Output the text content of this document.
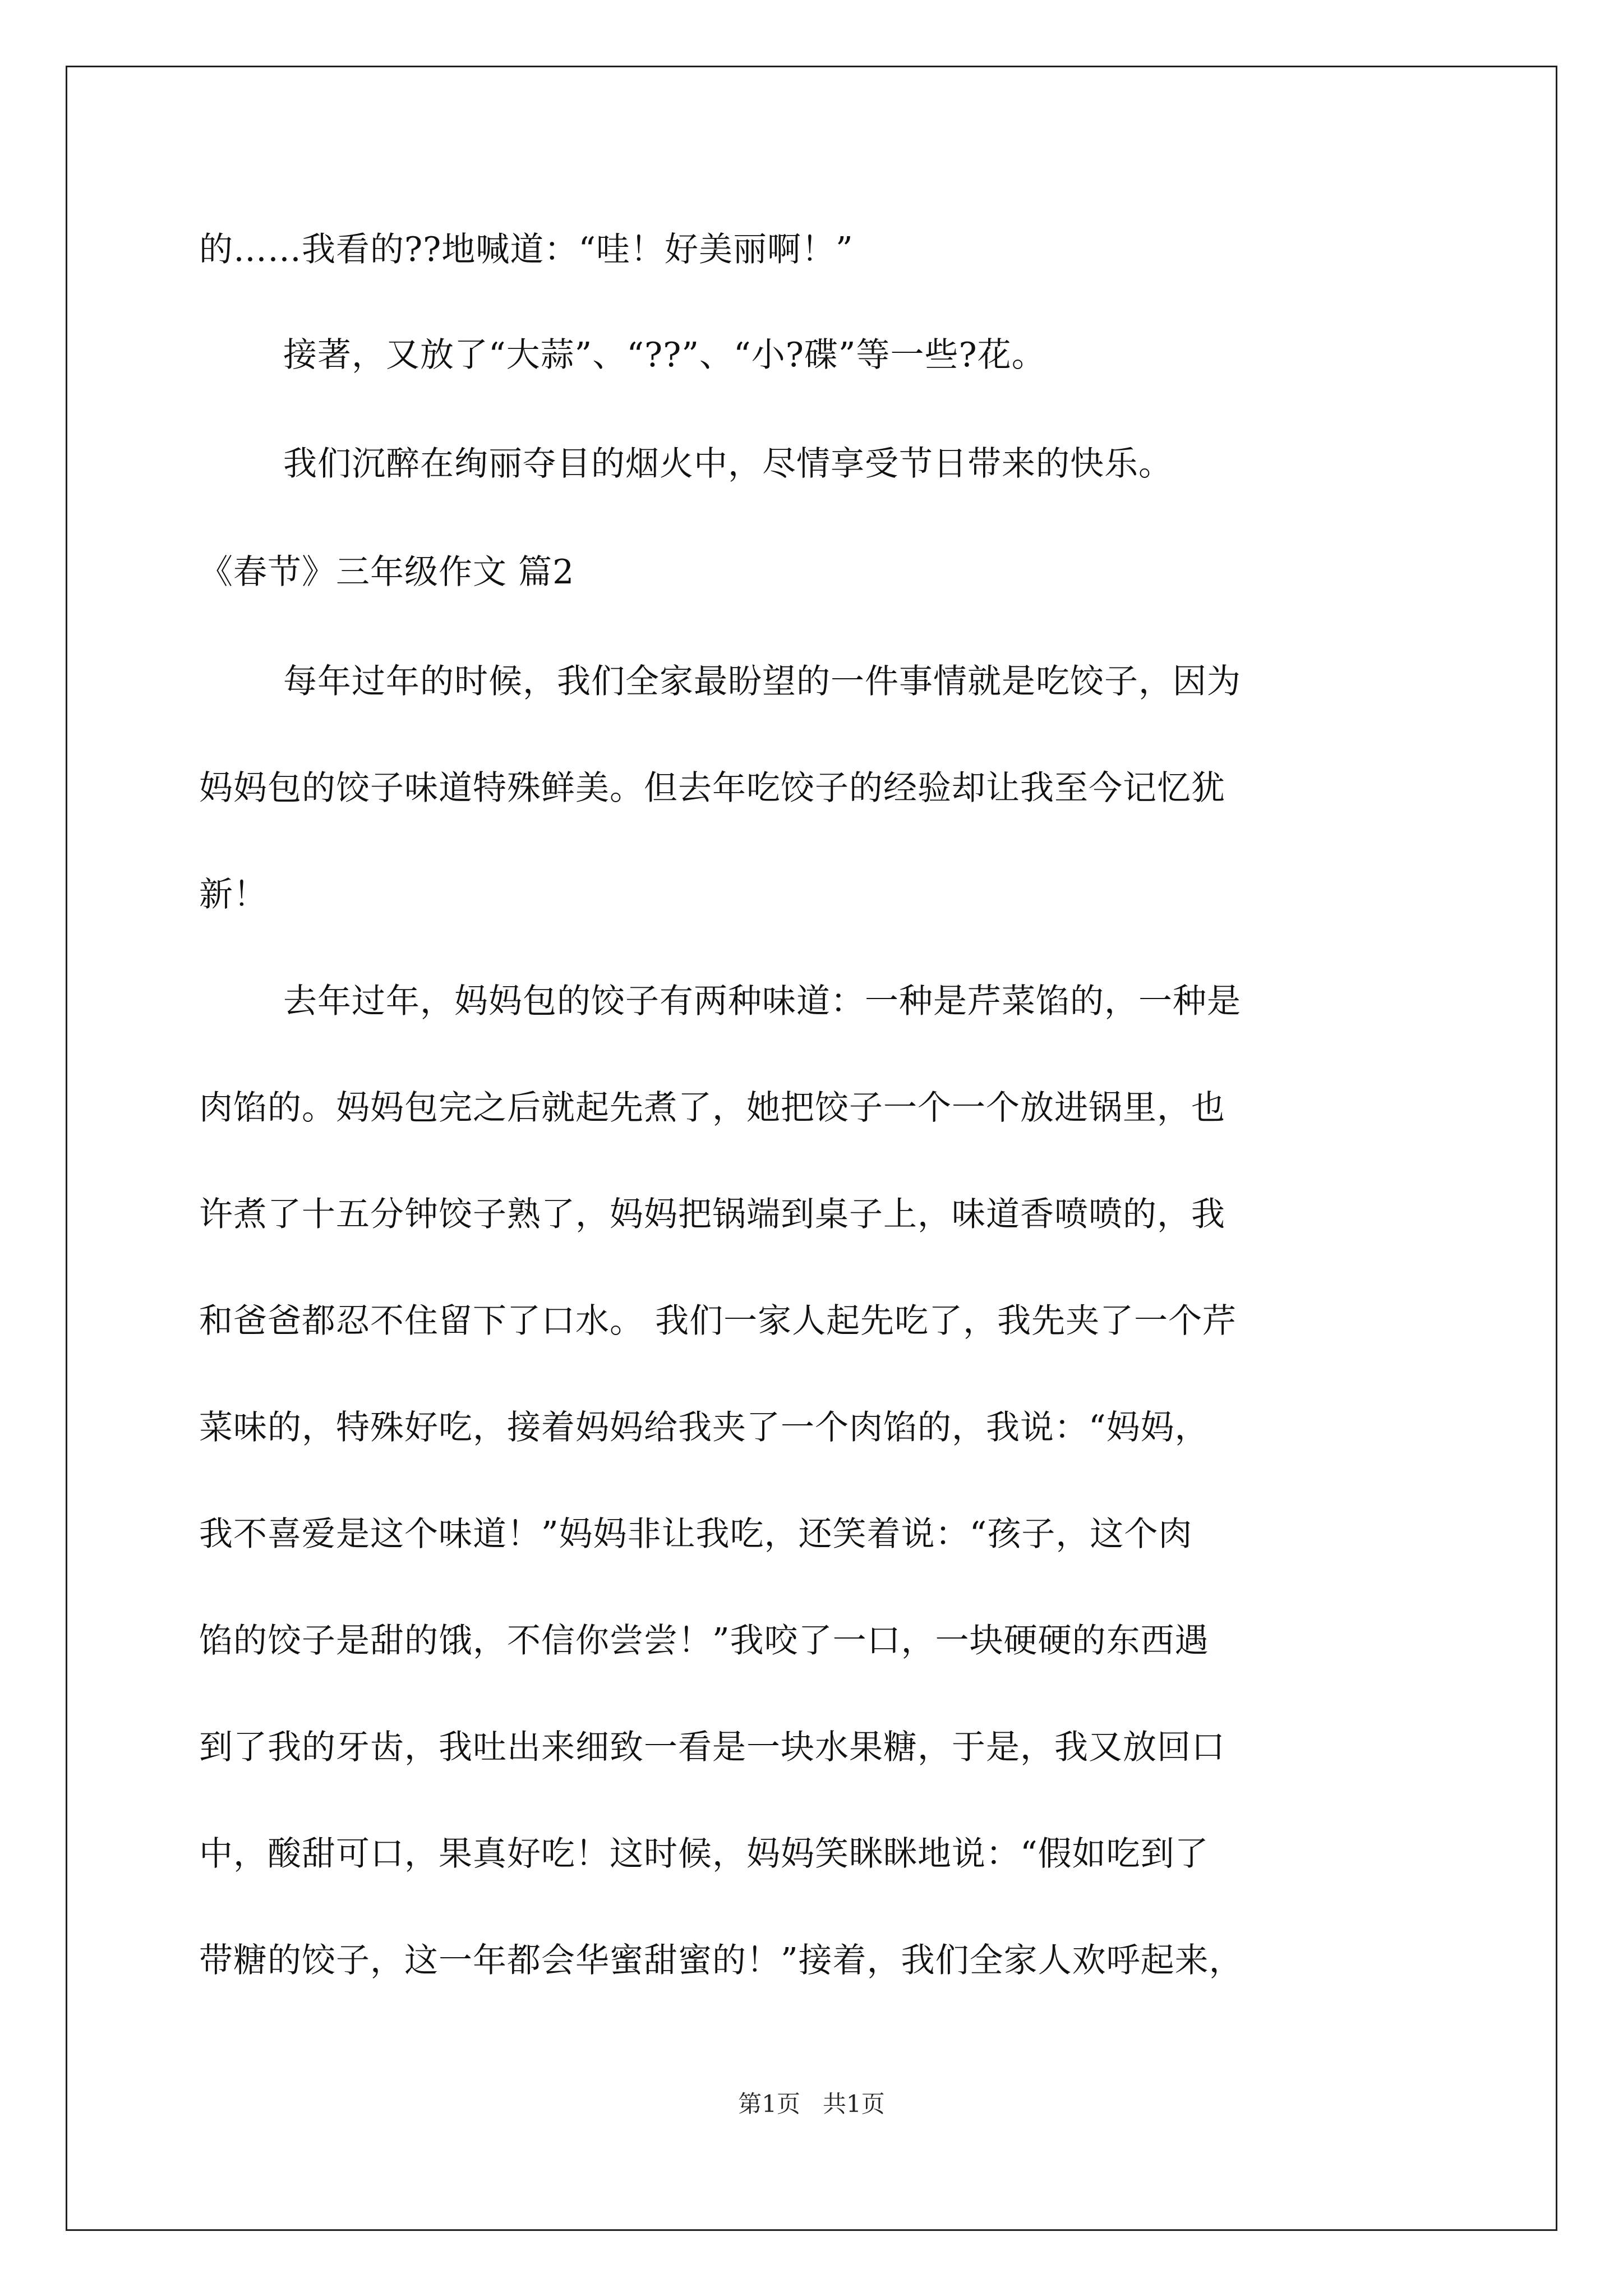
的……我看的??地喊道：“哇！好美丽啊！”
接著，又放了“大蒜”、“??”、“小?碟”等一些?花。
我们沉醉在绚丽夺目的烟火中，尽情享受节日带来的快乐。
《春节》三年级作文 篇2
每年过年的时候，我们全家最盼望的一件事情就是吃饺子，因为
妈妈包的饺子味道特殊鲜美。但去年吃饺子的经验却让我至今记忆犹
新！
去年过年，妈妈包的饺子有两种味道：一种是芹菜馅的，一种是
肉馅的。妈妈包完之后就起先煮了，她把饺子一个一个放进锅里，也
许煮了十五分钟饺子熟了，妈妈把锅端到桌子上，味道香喷喷的，我
和爸爸都忍不住留下了口水。 我们一家人起先吃了，我先夹了一个芹
菜味的，特殊好吃，接着妈妈给我夹了一个肉馅的，我说：“妈妈，
我不喜爱是这个味道！”妈妈非让我吃，还笑着说：“孩子，这个肉
馅的饺子是甜的饿，不信你尝尝！”我咬了一口，一块硬硬的东西遇
到了我的牙齿，我吐出来细致一看是一块水果糖，于是，我又放回口
中，酸甜可口，果真好吃！这时候，妈妈笑眯眯地说：“假如吃到了
带糖的饺子，这一年都会华蜜甜蜜的！”接着，我们全家人欢呼起来，
第1页   共1页
